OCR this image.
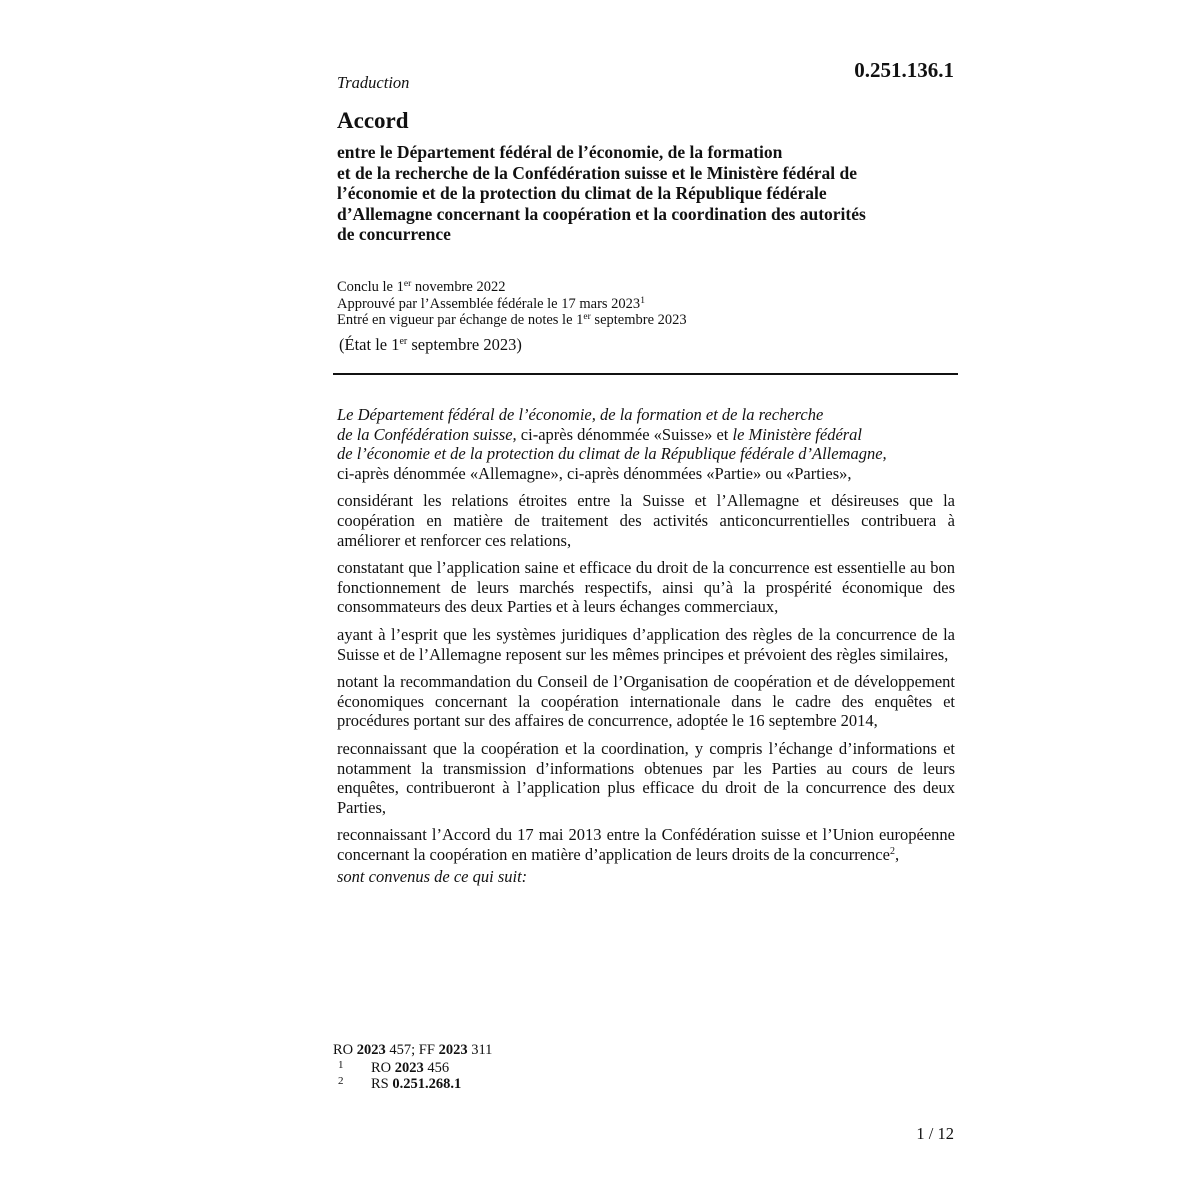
0.251.136.1
Traduction
Accord
entre le Département fédéral de l’économie, de la formation
et de la recherche de la Confédération suisse et le Ministère fédéral de
l’économie et de la protection du climat de la République fédérale
d’Allemagne concernant la coopération et la coordination des autorités
de concurrence
Conclu le 1er novembre 2022
Approuvé par l’Assemblée fédérale le 17 mars 2023$^1$
Entré en vigueur par échange de notes le 1er septembre 2023
(État le 1er septembre 2023)

Le Département fédéral de l’économie, de la formation et de la recherche
de la Confédération suisse, ci-après dénommée «Suisse» et le Ministère fédéral
de l’économie et de la protection du climat de la République fédérale d’Allemagne,
ci-après dénommée «Allemagne», ci-après dénommées «Partie» ou «Parties»,

considérant les relations étroites entre la Suisse et l’Allemagne et désireuses que la coopération en matière de traitement des activités anticoncurrentielles contribuera à améliorer et renforcer ces relations,

constatant que l’application saine et efficace du droit de la concurrence est essentielle au bon fonctionnement de leurs marchés respectifs, ainsi qu’à la prospérité économique des consommateurs des deux Parties et à leurs échanges commerciaux,

ayant à l’esprit que les systèmes juridiques d’application des règles de la concurrence de la Suisse et de l’Allemagne reposent sur les mêmes principes et prévoient des règles similaires,

notant la recommandation du Conseil de l’Organisation de coopération et de développement économiques concernant la coopération internationale dans le cadre des enquêtes et procédures portant sur des affaires de concurrence, adoptée le 16 septembre 2014,

reconnaissant que la coopération et la coordination, y compris l’échange d’informations et notamment la transmission d’informations obtenues par les Parties au cours de leurs enquêtes, contribueront à l’application plus efficace du droit de la concurrence des deux Parties,

reconnaissant l’Accord du 17 mai 2013 entre la Confédération suisse et l’Union européenne concernant la coopération en matière d’application de leurs droits de la concurrence$^2$,

sont convenus de ce qui suit:

RO 2023 457; FF 2023 311
1 RO 2023 456
2 RS 0.251.268.1
1 / 12
